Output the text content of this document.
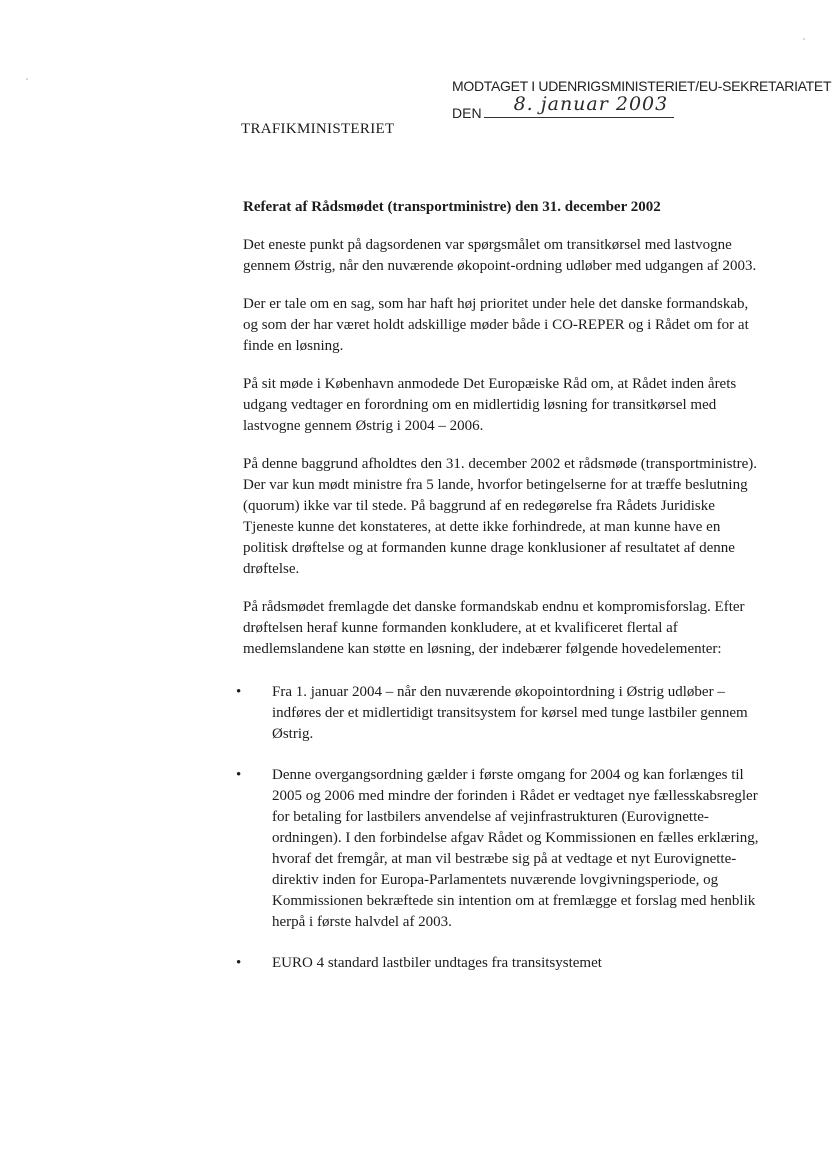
MODTAGET I UDENRIGSMINISTERIET/EU-SEKRETARIATET
DEN 8. januar 2003
TRAFIKMINISTERIET

Referat af Rådsmødet (transportministre) den 31. december 2002

Det eneste punkt på dagsordenen var spørgsmålet om transitkørsel med lastvogne gennem Østrig, når den nuværende økopoint-ordning udløber med udgangen af 2003.

Der er tale om en sag, som har haft høj prioritet under hele det danske formandskab, og som der har været holdt adskillige møder både i CO-REPER og i Rådet om for at finde en løsning.

På sit møde i København anmodede Det Europæiske Råd om, at Rådet inden årets udgang vedtager en forordning om en midlertidig løsning for transitkørsel med lastvogne gennem Østrig i 2004 – 2006.

På denne baggrund afholdtes den 31. december 2002 et rådsmøde (transportministre). Der var kun mødt ministre fra 5 lande, hvorfor betingelserne for at træffe beslutning (quorum) ikke var til stede. På baggrund af en redegørelse fra Rådets Juridiske Tjeneste kunne det konstateres, at dette ikke forhindrede, at man kunne have en politisk drøftelse og at formanden kunne drage konklusioner af resultatet af denne drøftelse.

På rådsmødet fremlagde det danske formandskab endnu et kompromisforslag. Efter drøftelsen heraf kunne formanden konkludere, at et kvalificeret flertal af medlemslandene kan støtte en løsning, der indebærer følgende hovedelementer:

• Fra 1. januar 2004 – når den nuværende økopointordning i Østrig udløber – indføres der et midlertidigt transitsystem for kørsel med tunge lastbiler gennem Østrig.
• Denne overgangsordning gælder i første omgang for 2004 og kan forlænges til 2005 og 2006 med mindre der forinden i Rådet er vedtaget nye fællesskabsregler for betaling for lastbilers anvendelse af vejinfrastrukturen (Eurovignette-ordningen). I den forbindelse afgav Rådet og Kommissionen en fælles erklæring, hvoraf det fremgår, at man vil bestræbe sig på at vedtage et nyt Eurovignette-direktiv inden for Europa-Parlamentets nuværende lovgivningsperiode, og Kommissionen bekræftede sin intention om at fremlægge et forslag med henblik herpå i første halvdel af 2003.
• EURO 4 standard lastbiler undtages fra transitsystemet
